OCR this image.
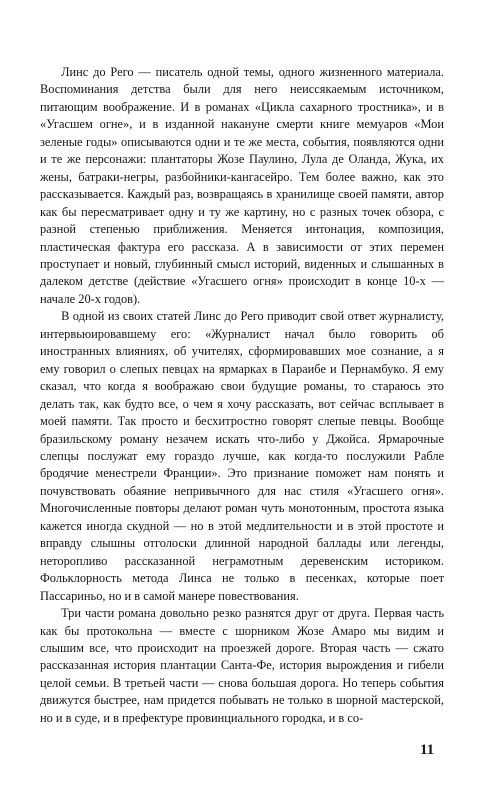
Линс до Рего — писатель одной темы, одного жизненного материала. Воспоминания детства были для него неиссякаемым источником, питающим воображение. И в романах «Цикла сахарного тростника», и в «Угасшем огне», и в изданной накануне смерти книге мемуаров «Мои зеленые годы» описываются одни и те же места, события, появляются одни и те же персонажи: плантаторы Жозе Паулино, Лула де Оланда, Жука, их жены, батраки-негры, разбойники-кангасейро. Тем более важно, как это рассказывается. Каждый раз, возвращаясь в хранилище своей памяти, автор как бы пересматривает одну и ту же картину, но с разных точек обзора, с разной степенью приближения. Меняется интонация, композиция, пластическая фактура его рассказа. А в зависимости от этих перемен проступает и новый, глубинный смысл историй, виденных и слышанных в далеком детстве (действие «Угасшего огня» происходит в конце 10-х — начале 20-х годов).

В одной из своих статей Линс до Рего приводит свой ответ журналисту, интервьюировавшему его: «Журналист начал было говорить об иностранных влияниях, об учителях, сформировавших мое сознание, а я ему говорил о слепых певцах на ярмарках в Параибе и Пернамбуко. Я ему сказал, что когда я воображаю свои будущие романы, то стараюсь это делать так, как будто все, о чем я хочу рассказать, вот сейчас всплывает в моей памяти. Так просто и бесхитростно говорят слепые певцы. Вообще бразильскому роману незачем искать что-либо у Джойса. Ярмарочные слепцы послужат ему гораздо лучше, как когда-то послужили Рабле бродячие менестрели Франции». Это признание поможет нам понять и почувствовать обаяние непривычного для нас стиля «Угасшего огня». Многочисленные повторы делают роман чуть монотонным, простота языка кажется иногда скудной — но в этой медлительности и в этой простоте и вправду слышны отголоски длинной народной баллады или легенды, неторопливо рассказанной неграмотным деревенским историком. Фольклорность метода Линса не только в песенках, которые поет Пассариньо, но и в самой манере повествования.

Три части романа довольно резко разнятся друг от друга. Первая часть как бы протокольна — вместе с шорником Жозе Амаро мы видим и слышим все, что происходит на проезжей дороге. Вторая часть — сжато рассказанная история плантации Санта-Фе, история вырождения и гибели целой семьи. В третьей части — снова большая дорога. Но теперь события движутся быстрее, нам придется побывать не только в шорной мастерской, но и в суде, и в префектуре провинциального городка, и в со-

11
